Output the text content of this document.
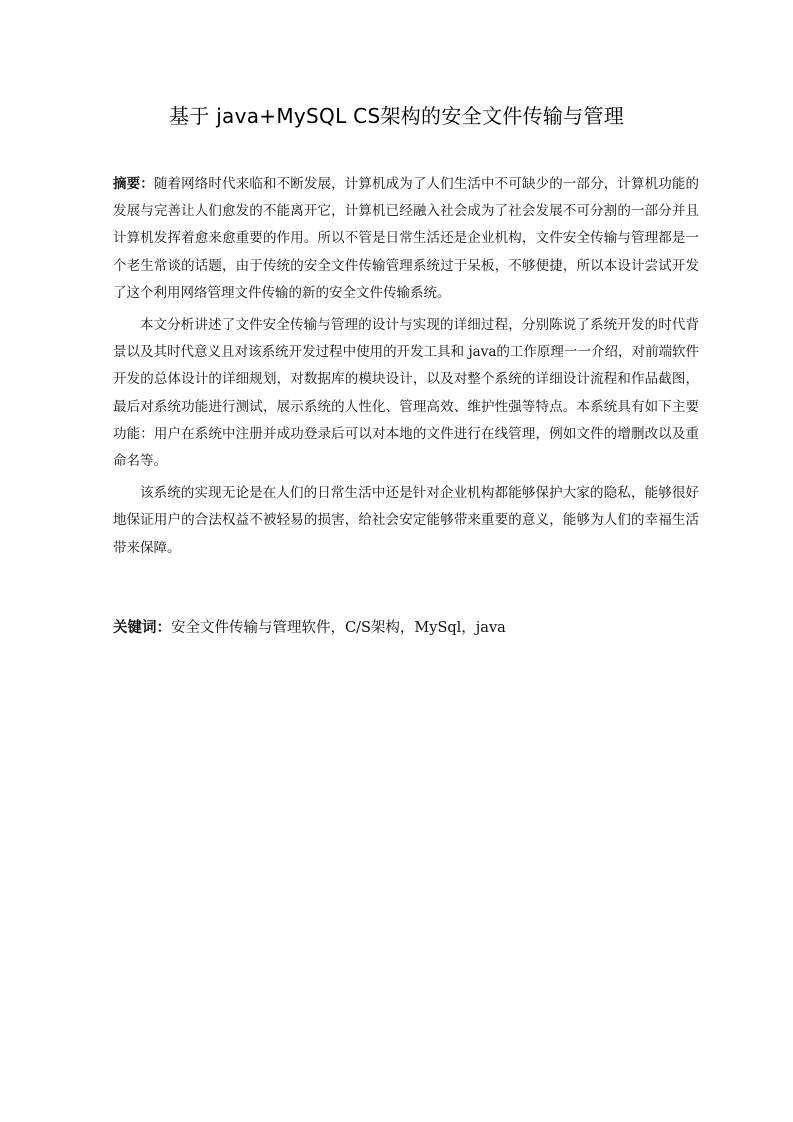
基于 java+MySQL CS架构的安全文件传输与管理

摘要：随着网络时代来临和不断发展，计算机成为了人们生活中不可缺少的一部分，计算机功能的发展与完善让人们愈发的不能离开它，计算机已经融入社会成为了社会发展不可分割的一部分并且计算机发挥着愈来愈重要的作用。所以不管是日常生活还是企业机构，文件安全传输与管理都是一个老生常谈的话题，由于传统的安全文件传输管理系统过于呆板，不够便捷，所以本设计尝试开发了这个利用网络管理文件传输的新的安全文件传输系统。

本文分析讲述了文件安全传输与管理的设计与实现的详细过程，分别陈说了系统开发的时代背景以及其时代意义且对该系统开发过程中使用的开发工具和 java的工作原理一一介绍，对前端软件开发的总体设计的详细规划，对数据库的模块设计，以及对整个系统的详细设计流程和作品截图，最后对系统功能进行测试，展示系统的人性化、管理高效、维护性强等特点。本系统具有如下主要功能：用户在系统中注册并成功登录后可以对本地的文件进行在线管理，例如文件的增删改以及重命名等。

该系统的实现无论是在人们的日常生活中还是针对企业机构都能够保护大家的隐私，能够很好地保证用户的合法权益不被轻易的损害，给社会安定能够带来重要的意义，能够为人们的幸福生活带来保障。

关键词：安全文件传输与管理软件，C/S架构，MySql，java
